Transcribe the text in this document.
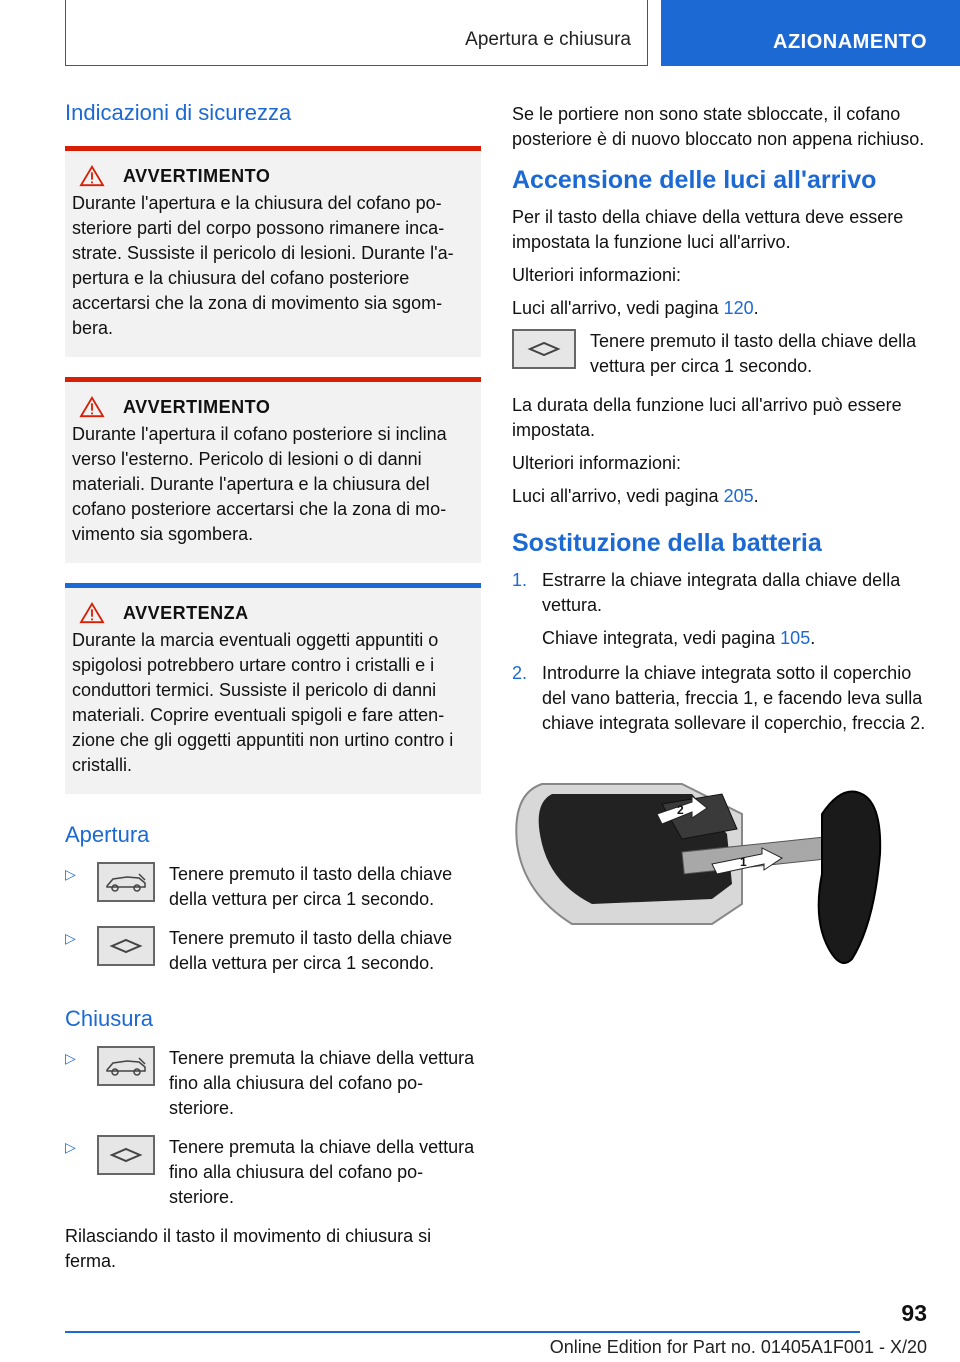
Apertura e chiusura	AZIONAMENTO
Indicazioni di sicurezza
AVVERTIMENTO

Durante l'apertura e la chiusura del cofano posteriore parti del corpo possono rimanere incastrate. Sussiste il pericolo di lesioni. Durante l'apertura e la chiusura del cofano posteriore accertarsi che la zona di movimento sia sgombera.

AVVERTIMENTO

Durante l'apertura il cofano posteriore si inclina verso l'esterno. Pericolo di lesioni o di danni materiali. Durante l'apertura e la chiusura del cofano posteriore accertarsi che la zona di movimento sia sgombera.

AVVERTENZA

Durante la marcia eventuali oggetti appuntiti o spigolosi potrebbero urtare contro i cristalli e i conduttori termici. Sussiste il pericolo di danni materiali. Coprire eventuali spigoli e fare attenzione che gli oggetti appuntiti non urtino contro i cristalli.

Apertura
▷	Tenere premuto il tasto della chiave della vettura per circa 1 secondo.
▷	Tenere premuto il tasto della chiave della vettura per circa 1 secondo.
Chiusura
▷	Tenere premuta la chiave della vettura fino alla chiusura del cofano posteriore.
▷	Tenere premuta la chiave della vettura fino alla chiusura del cofano posteriore.

Rilasciando il tasto il movimento di chiusura si ferma.

Se le portiere non sono state sbloccate, il cofano posteriore è di nuovo bloccato non appena richiuso.

Accensione delle luci all'arrivo

Per il tasto della chiave della vettura deve essere impostata la funzione luci all'arrivo.

Ulteriori informazioni:

Luci all'arrivo, vedi pagina 120.

Tenere premuto il tasto della chiave della vettura per circa 1 secondo.

La durata della funzione luci all'arrivo può essere impostata.

Ulteriori informazioni:

Luci all'arrivo, vedi pagina 205.

Sostituzione della batteria
1. Estrarre la chiave integrata dalla chiave della vettura.

Chiave integrata, vedi pagina 105.

2. Introdurre la chiave integrata sotto il coperchio del vano batteria, freccia 1, e facendo leva sulla chiave integrata sollevare il coperchio, freccia 2.
2
1
93
Online Edition for Part no. 01405A1F001 - X/20
